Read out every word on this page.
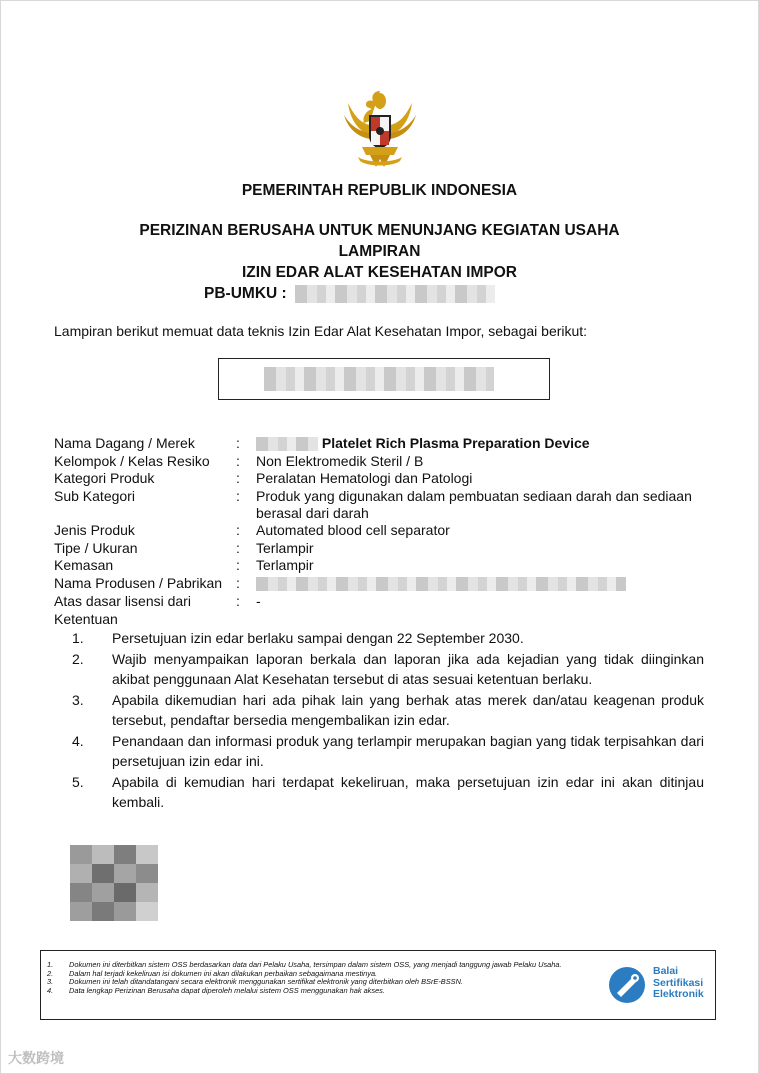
PEMERINTAH REPUBLIK INDONESIA
PERIZINAN BERUSAHA UNTUK MENUNJANG KEGIATAN USAHA
LAMPIRAN
IZIN EDAR ALAT KESEHATAN IMPOR
PB-UMKU :
Lampiran berikut memuat data teknis Izin Edar Alat Kesehatan Impor, sebagai berikut:
Nama Dagang / Merek	:	Platelet Rich Plasma Preparation Device
Kelompok / Kelas Resiko	: Non Elektromedik Steril / B
Kategori Produk	: Peralatan Hematologi dan Patologi
Sub Kategori	: Produk yang digunakan dalam pembuatan sediaan darah dan sediaan berasal dari darah
Jenis Produk	: Automated blood cell separator
Tipe / Ukuran	: Terlampir
Kemasan	: Terlampir
Nama Produsen / Pabrikan :
Atas dasar lisensi dari	: -
Ketentuan
1. Persetujuan izin edar berlaku sampai dengan 22 September 2030.
2. Wajib menyampaikan laporan berkala dan laporan jika ada kejadian yang tidak diinginkan akibat penggunaan Alat Kesehatan tersebut di atas sesuai ketentuan berlaku.
3. Apabila dikemudian hari ada pihak lain yang berhak atas merek dan/atau keagenan produk tersebut, pendaftar bersedia mengembalikan izin edar.
4. Penandaan dan informasi produk yang terlampir merupakan bagian yang tidak terpisahkan dari persetujuan izin edar ini.
5. Apabila di kemudian hari terdapat kekeliruan, maka persetujuan izin edar ini akan ditinjau kembali.
1. Dokumen ini diterbitkan sistem OSS berdasarkan data dari Pelaku Usaha, tersimpan dalam sistem OSS, yang menjadi tanggung jawab Pelaku Usaha.
2. Dalam hal terjadi kekeliruan isi dokumen ini akan dilakukan perbaikan sebagaimana mestinya.
3. Dokumen ini telah ditandatangani secara elektronik menggunakan sertifikat elektronik yang diterbitkan oleh BSrE-BSSN.
4. Data lengkap Perizinan Berusaha dapat diperoleh melalui sistem OSS menggunakan hak akses.
Balai
Sertifikasi
Elektronik
大数跨境
